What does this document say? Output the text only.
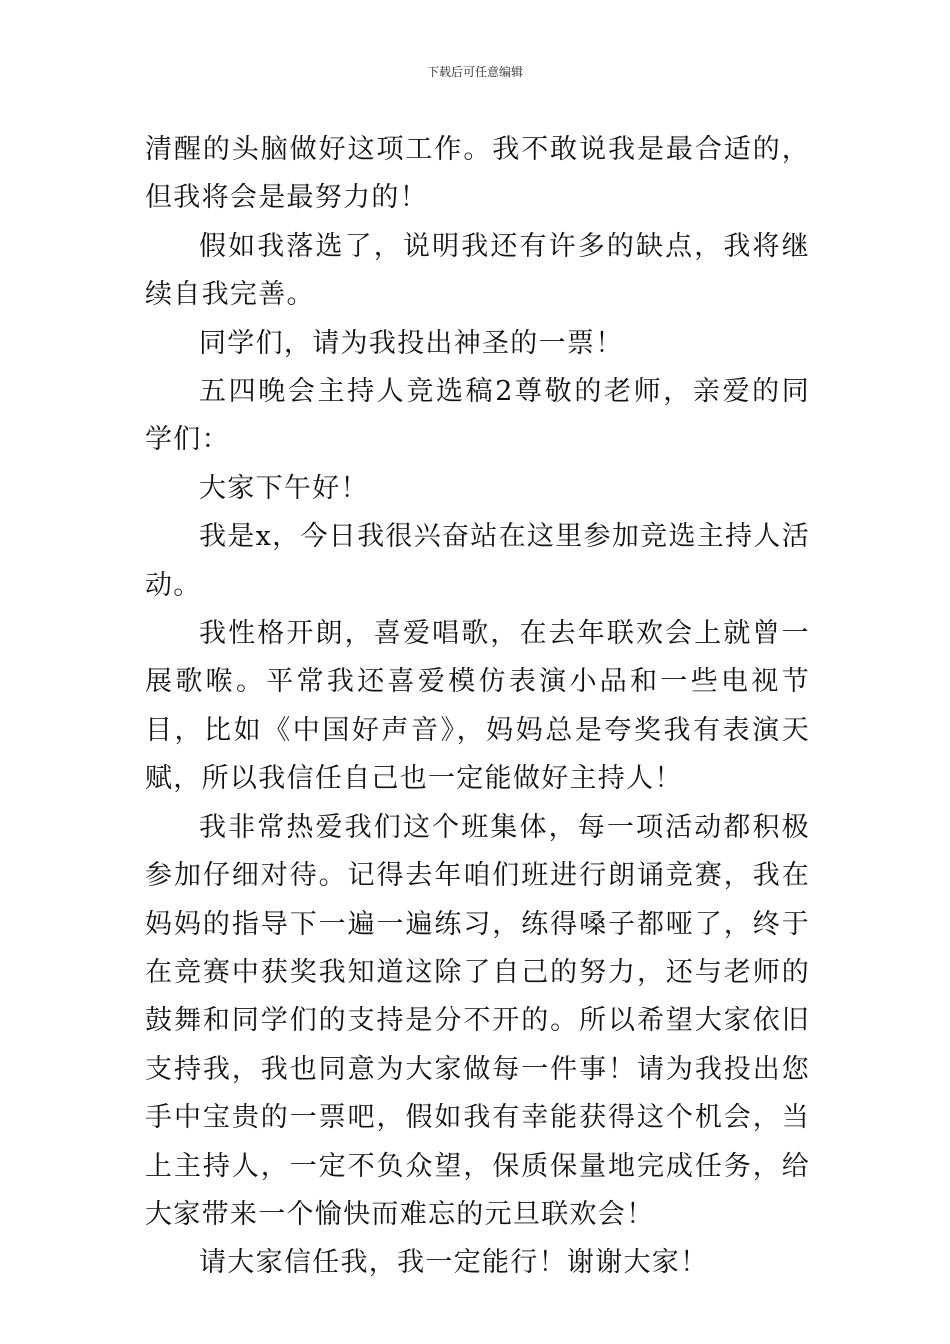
下载后可任意编辑

清醒的头脑做好这项工作。我不敢说我是最合适的，但我将会是最努力的！

假如我落选了，说明我还有许多的缺点，我将继续自我完善。

同学们，请为我投出神圣的一票！

五四晚会主持人竞选稿2尊敬的老师，亲爱的同学们：

大家下午好！

我是x，今日我很兴奋站在这里参加竞选主持人活动。

我性格开朗，喜爱唱歌，在去年联欢会上就曾一展歌喉。平常我还喜爱模仿表演小品和一些电视节目，比如《中国好声音》，妈妈总是夸奖我有表演天赋，所以我信任自己也一定能做好主持人！

我非常热爱我们这个班集体，每一项活动都积极参加仔细对待。记得去年咱们班进行朗诵竞赛，我在妈妈的指导下一遍一遍练习，练得嗓子都哑了，终于在竞赛中获奖我知道这除了自己的努力，还与老师的鼓舞和同学们的支持是分不开的。所以希望大家依旧支持我，我也同意为大家做每一件事！请为我投出您手中宝贵的一票吧，假如我有幸能获得这个机会，当上主持人，一定不负众望，保质保量地完成任务，给大家带来一个愉快而难忘的元旦联欢会！

请大家信任我，我一定能行！谢谢大家！
